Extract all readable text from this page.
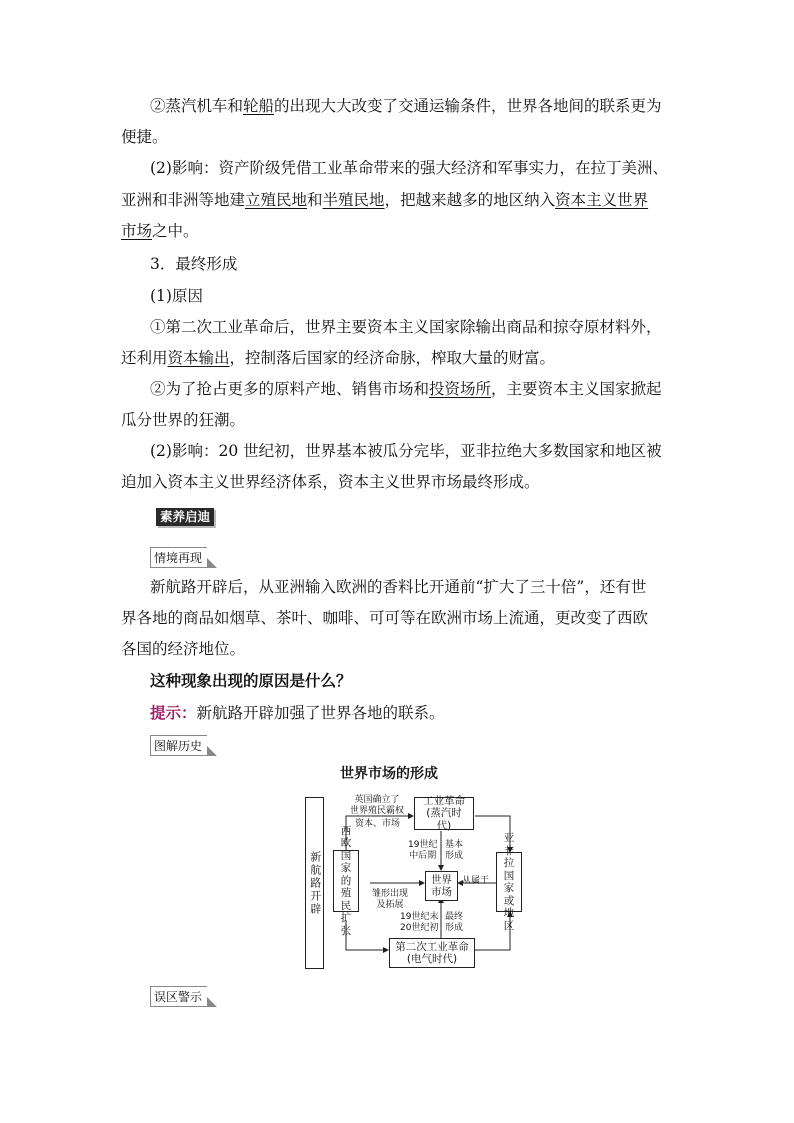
②蒸汽机车和轮船的出现大大改变了交通运输条件，世界各地间的联系更为
便捷。
(2)影响：资产阶级凭借工业革命带来的强大经济和军事实力，在拉丁美洲、
亚洲和非洲等地建立殖民地和半殖民地，把越来越多的地区纳入资本主义世界
市场之中。
3．最终形成
(1)原因
①第二次工业革命后，世界主要资本主义国家除输出商品和掠夺原材料外，
还利用资本输出，控制落后国家的经济命脉，榨取大量的财富。
②为了抢占更多的原料产地、销售市场和投资场所，主要资本主义国家掀起
瓜分世界的狂潮。
(2)影响：20 世纪初，世界基本被瓜分完毕，亚非拉绝大多数国家和地区被
迫加入资本主义世界经济体系，资本主义世界市场最终形成。
素养启迪
情境再现
新航路开辟后，从亚洲输入欧洲的香料比开通前“扩大了三十倍”，还有世
界各地的商品如烟草、茶叶、咖啡、可可等在欧洲市场上流通，更改变了西欧
各国的经济地位。
这种现象出现的原因是什么？
提示：新航路开辟加强了世界各地的联系。
图解历史
世界市场的形成
新航路开辟
西欧国家的殖民扩张
工业革命(蒸汽时代)
第二次工业革命(电气时代)
世界市场
亚非拉国家或地区
英国确立了
世界殖民霸权
资本、市场
19世纪
中后期
基本
形成
雏形出现
及拓展
从属于
19世纪末
20世纪初
最终
形成
误区警示
